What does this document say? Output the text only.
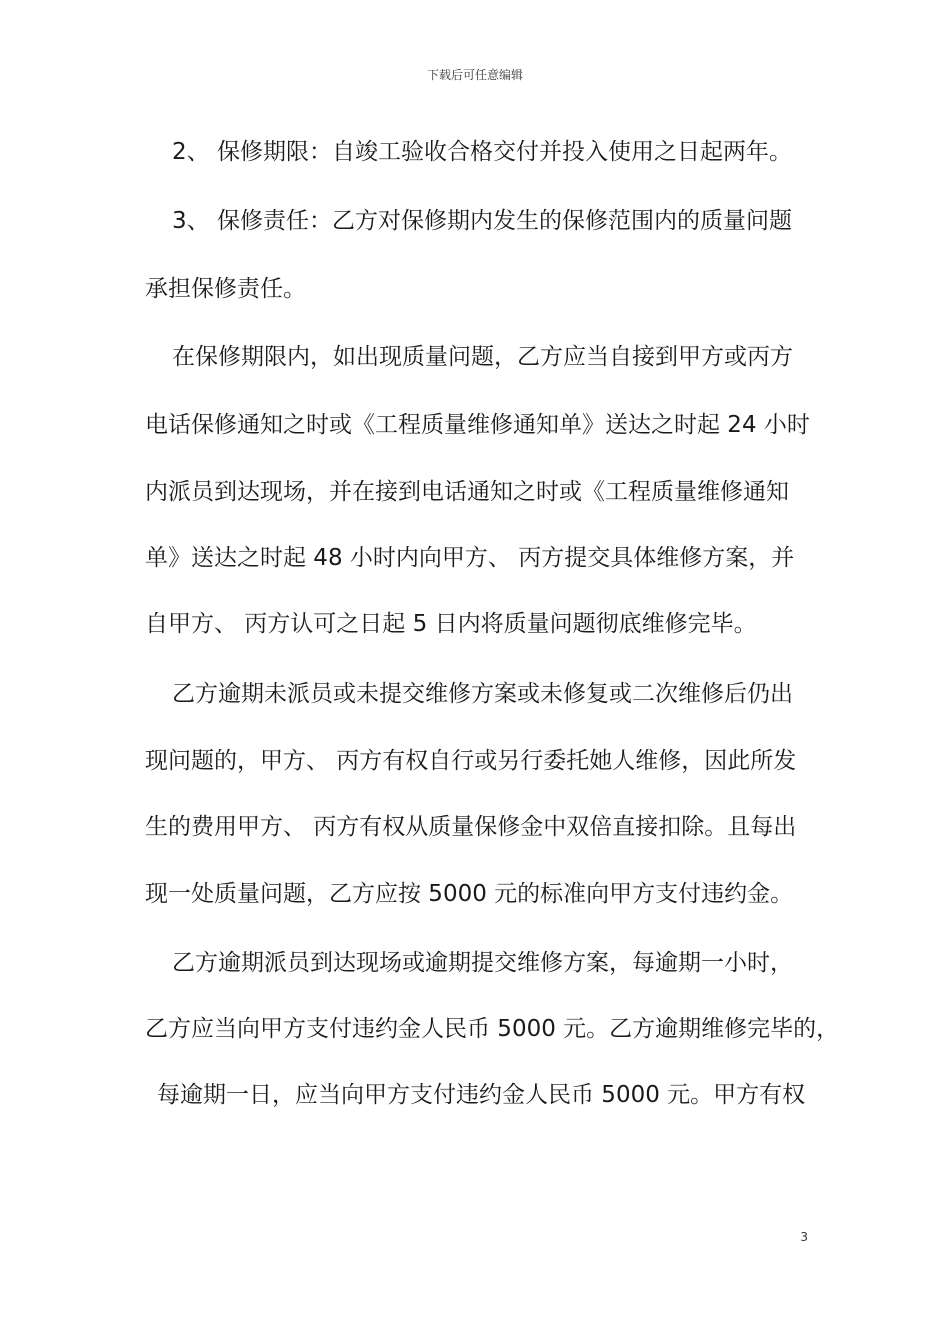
下载后可任意编辑
2、 保修期限：自竣工验收合格交付并投入使用之日起两年。
3、 保修责任：乙方对保修期内发生的保修范围内的质量问题
承担保修责任。
在保修期限内，如出现质量问题，乙方应当自接到甲方或丙方
电话保修通知之时或《工程质量维修通知单》送达之时起 24 小时
内派员到达现场，并在接到电话通知之时或《工程质量维修通知
单》送达之时起 48 小时内向甲方、 丙方提交具体维修方案，并
自甲方、 丙方认可之日起 5 日内将质量问题彻底维修完毕。
乙方逾期未派员或未提交维修方案或未修复或二次维修后仍出
现问题的，甲方、 丙方有权自行或另行委托她人维修，因此所发
生的费用甲方、 丙方有权从质量保修金中双倍直接扣除。且每出
现一处质量问题，乙方应按 5000 元的标准向甲方支付违约金。
乙方逾期派员到达现场或逾期提交维修方案，每逾期一小时，
乙方应当向甲方支付违约金人民币 5000 元。乙方逾期维修完毕的，
每逾期一日，应当向甲方支付违约金人民币 5000 元。甲方有权
3
